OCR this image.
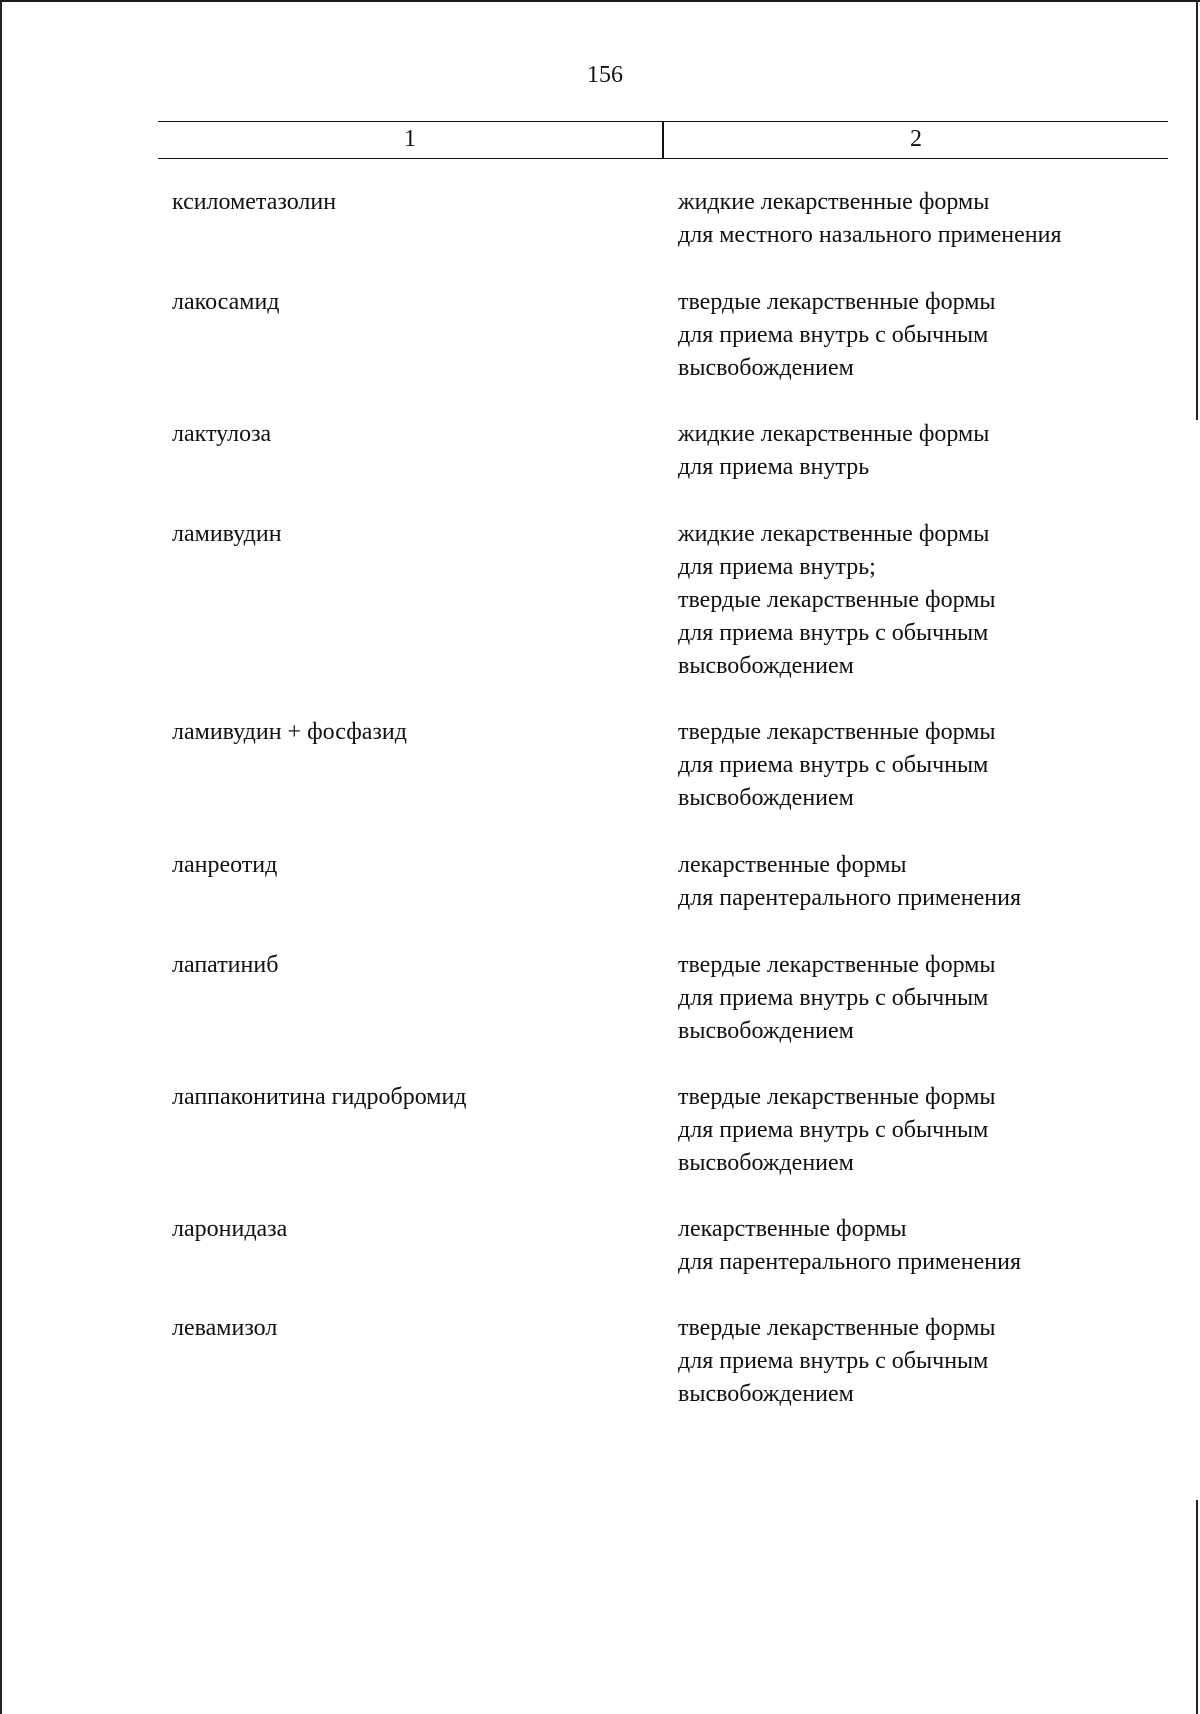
156
1	2
ксилометазолин	жидкие лекарственные формы
для местного назального применения
лакосамид	твердые лекарственные формы
для приема внутрь с обычным
высвобождением
лактулоза	жидкие лекарственные формы
для приема внутрь
ламивудин	жидкие лекарственные формы
для приема внутрь;
твердые лекарственные формы
для приема внутрь с обычным
высвобождением
ламивудин + фосфазид	твердые лекарственные формы
для приема внутрь с обычным
высвобождением
ланреотид	лекарственные формы
для парентерального применения
лапатиниб	твердые лекарственные формы
для приема внутрь с обычным
высвобождением
лаппаконитина гидробромид	твердые лекарственные формы
для приема внутрь с обычным
высвобождением
ларонидаза	лекарственные формы
для парентерального применения
левамизол	твердые лекарственные формы
для приема внутрь с обычным
высвобождением
